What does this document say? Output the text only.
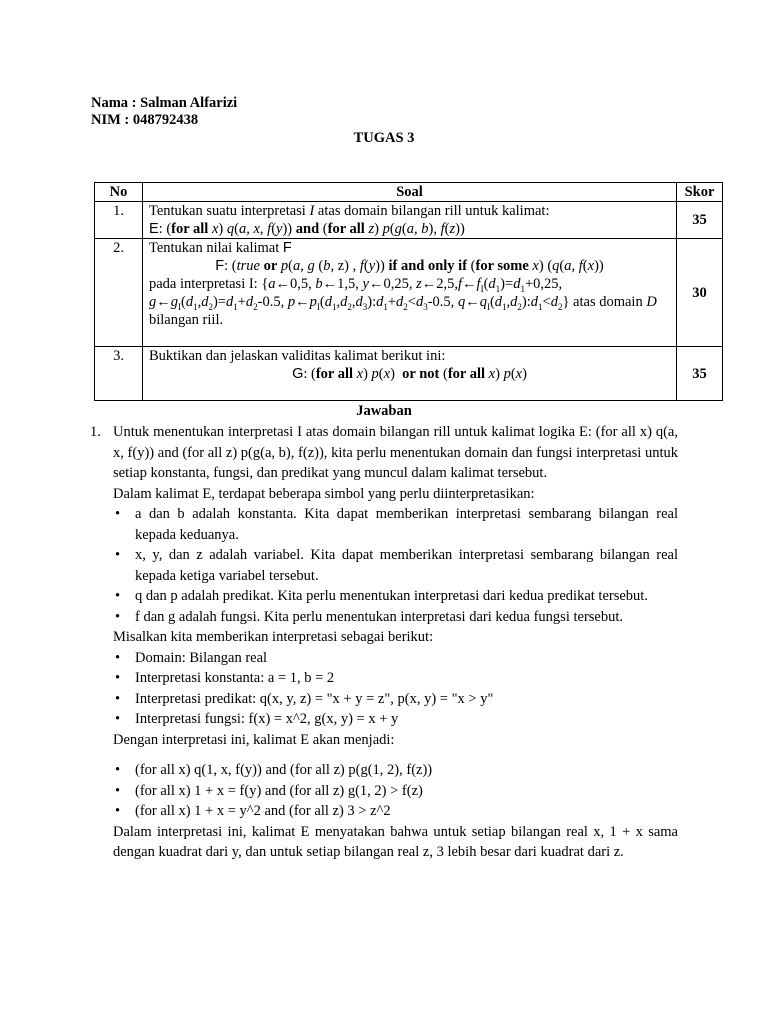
Nama : Salman Alfarizi
NIM : 048792438
TUGAS 3
No	Soal	Skor
1.	Tentukan suatu interpretasi I atas domain bilangan rill untuk kalimat:
E: (for all x) q(a, x, f(y)) and (for all z) p(g(a, b), f(z))	35
2.	Tentukan nilai kalimat F

F: (true or p(a, g (b, z) , f(y)) if and only if (for some x) (q(a, f(x))
pada interpretasi I: {a←0,5, b←1,5, y←0,25, $z\leftarrow 2,5,f\leftarrow f_I(d_1)=d_1+0,25$,
$g\leftarrow g_I(d_1,d_2)=d_1+d_2-0.5$, $p\leftarrow p_I(d_1,d_2,d_3):d_1+d_2<d_3-0.5$, $q\leftarrow q_I(d_1,d_2):d_1<d_2$} atas domain D
bilangan riil.	30
3.	Buktikan dan jelaskan validitas kalimat berikut ini:

G: (for all x) p(x)  or not (for all x) p(x)	35
Jawaban
1. Untuk menentukan interpretasi I atas domain bilangan rill untuk kalimat logika E: (for all x) q(a, x, f(y)) and (for all z) p(g(a, b), f(z)), kita perlu menentukan domain dan fungsi interpretasi untuk setiap konstanta, fungsi, dan predikat yang muncul dalam kalimat tersebut.
Dalam kalimat E, terdapat beberapa simbol yang perlu diinterpretasikan:
• a dan b adalah konstanta. Kita dapat memberikan interpretasi sembarang bilangan real kepada keduanya.
• x, y, dan z adalah variabel. Kita dapat memberikan interpretasi sembarang bilangan real kepada ketiga variabel tersebut.
• q dan p adalah predikat. Kita perlu menentukan interpretasi dari kedua predikat tersebut.
• f dan g adalah fungsi. Kita perlu menentukan interpretasi dari kedua fungsi tersebut.
Misalkan kita memberikan interpretasi sebagai berikut:
• Domain: Bilangan real
• Interpretasi konstanta: a = 1, b = 2
• Interpretasi predikat: q(x, y, z) = "x + y = z", p(x, y) = "x > y"
• Interpretasi fungsi: f(x) = x^2, g(x, y) = x + y
Dengan interpretasi ini, kalimat E akan menjadi:
• (for all x) q(1, x, f(y)) and (for all z) p(g(1, 2), f(z))
• (for all x) 1 + x = f(y) and (for all z) g(1, 2) > f(z)
• (for all x) 1 + x = y^2 and (for all z) 3 > z^2
Dalam interpretasi ini, kalimat E menyatakan bahwa untuk setiap bilangan real x, 1 + x sama dengan kuadrat dari y, dan untuk setiap bilangan real z, 3 lebih besar dari kuadrat dari z.
